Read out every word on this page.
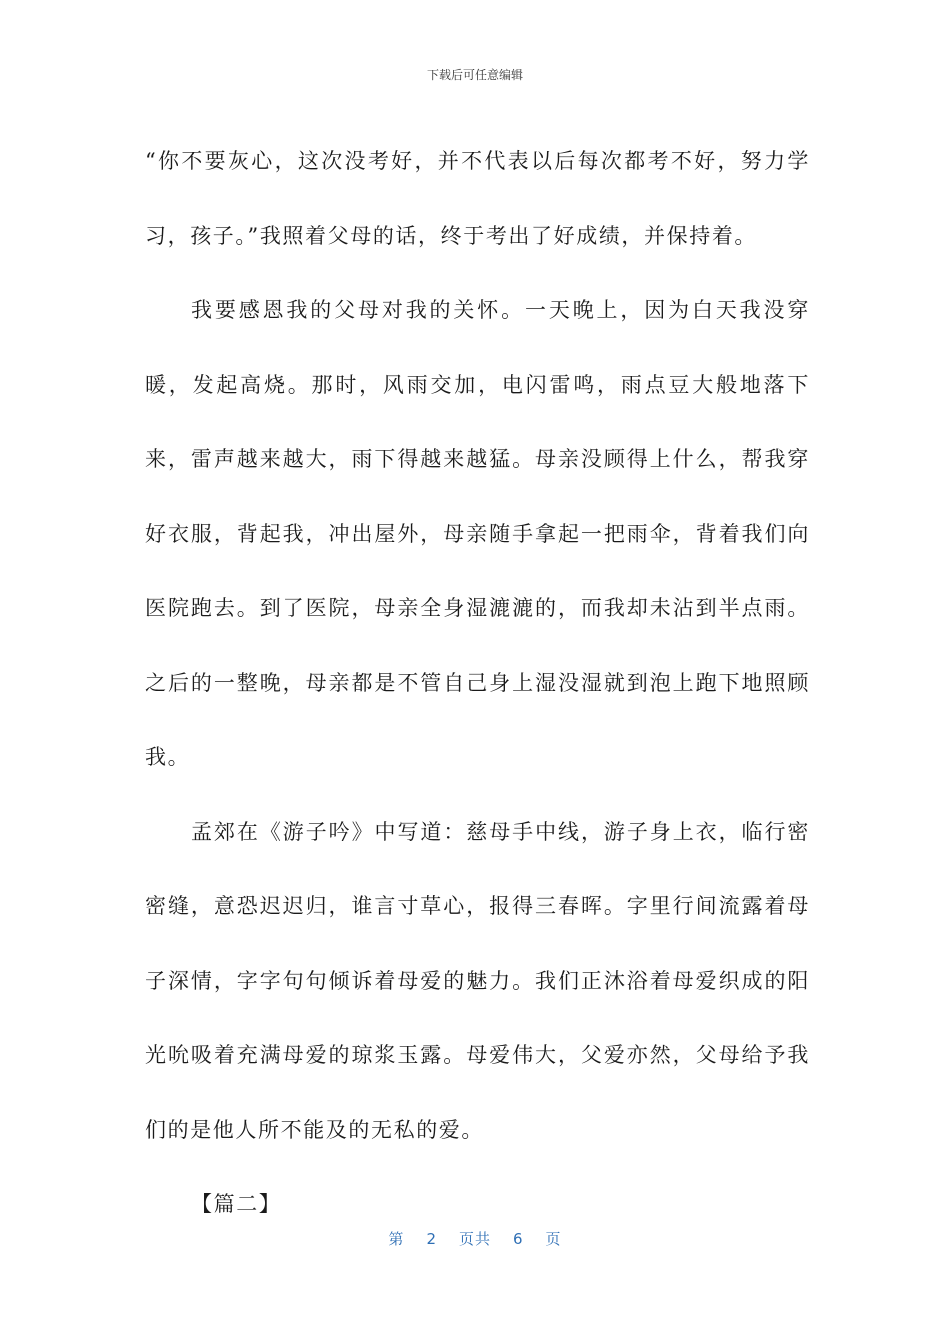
下载后可任意编辑

“你不要灰心，这次没考好，并不代表以后每次都考不好，努力学习，孩子。”我照着父母的话，终于考出了好成绩，并保持着。

我要感恩我的父母对我的关怀。一天晚上，因为白天我没穿暖，发起高烧。那时，风雨交加，电闪雷鸣，雨点豆大般地落下来，雷声越来越大，雨下得越来越猛。母亲没顾得上什么，帮我穿好衣服，背起我，冲出屋外，母亲随手拿起一把雨伞，背着我们向医院跑去。到了医院，母亲全身湿漉漉的，而我却未沾到半点雨。之后的一整晚，母亲都是不管自己身上湿没湿就到泡上跑下地照顾我。

孟郊在《游子吟》中写道：慈母手中线，游子身上衣，临行密密缝，意恐迟迟归，谁言寸草心，报得三春晖。字里行间流露着母子深情，字字句句倾诉着母爱的魅力。我们正沐浴着母爱织成的阳光吮吸着充满母爱的琼浆玉露。母爱伟大，父爱亦然，父母给予我们的是他人所不能及的无私的爱。

【篇二】

第 2 页共 6 页
